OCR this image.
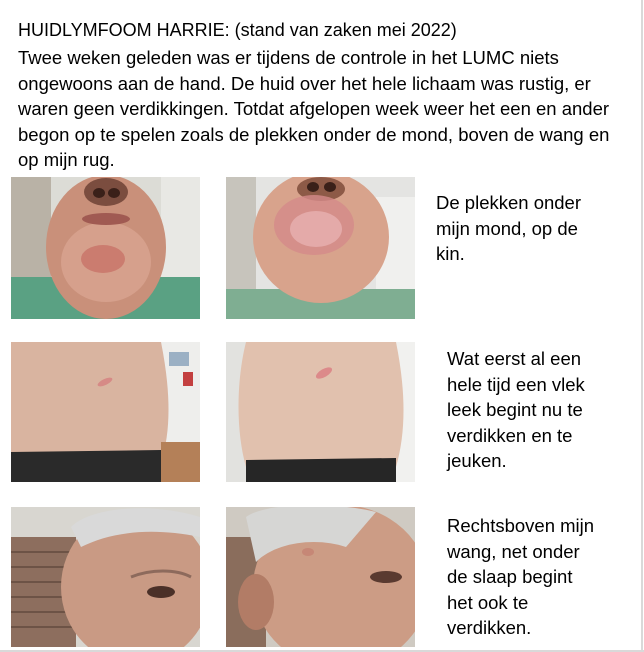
HUIDLYMFOOM HARRIE: (stand van zaken mei 2022)

Twee weken geleden was er tijdens de controle in het LUMC niets ongewoons aan de hand. De huid over het hele lichaam was rustig, er waren geen verdikkingen. Totdat afgelopen week weer het een en ander begon op te spelen zoals de plekken onder de mond, boven de wang en op mijn rug.

De plekken onder
mijn mond, op de
kin.

Wat eerst al een
hele tijd een vlek
leek begint nu te
verdikken en te
jeuken.

Rechtsboven mijn
wang, net onder
de slaap begint
het ook te
verdikken.
